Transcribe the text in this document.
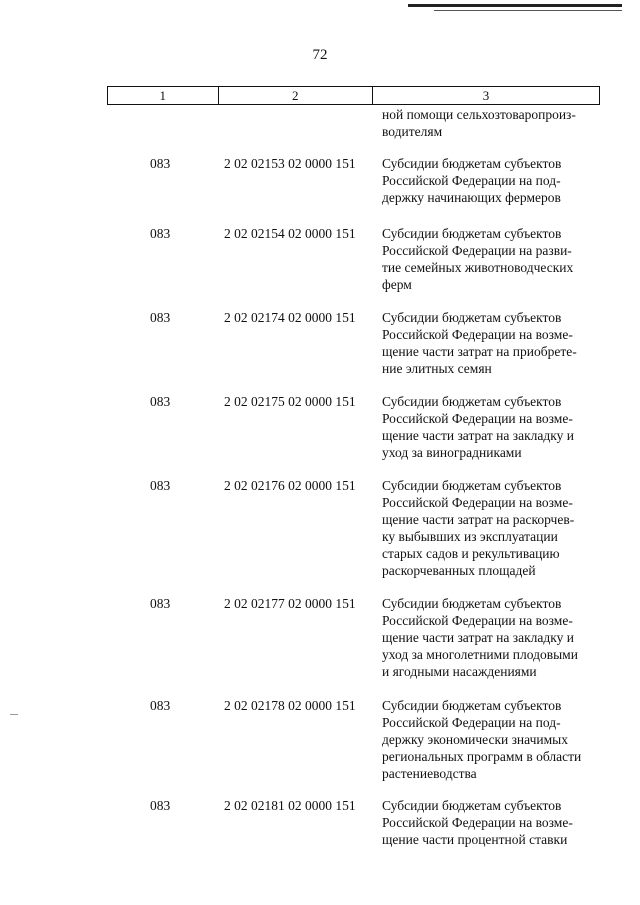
72
1	2	3
ной помощи сельхозтоваропроиз-
водителям
083	2 02 02153 02 0000 151 Субсидии бюджетам субъектов
Российской Федерации на под-
держку начинающих фермеров
083	2 02 02154 02 0000 151 Субсидии бюджетам субъектов
Российской Федерации на разви-
тие семейных животноводческих
ферм
083	2 02 02174 02 0000 151 Субсидии бюджетам субъектов
Российской Федерации на возме-
щение части затрат на приобрете-
ние элитных семян
083	2 02 02175 02 0000 151 Субсидии бюджетам субъектов
Российской Федерации на возме-
щение части затрат на закладку и
уход за виноградниками
083	2 02 02176 02 0000 151 Субсидии бюджетам субъектов
Российской Федерации на возме-
щение части затрат на раскорчев-
ку выбывших из эксплуатации
старых садов и рекультивацию
раскорчеванных площадей
083	2 02 02177 02 0000 151 Субсидии бюджетам субъектов
Российской Федерации на возме-
щение части затрат на закладку и
уход за многолетними плодовыми
и ягодными насаждениями
083	2 02 02178 02 0000 151 Субсидии бюджетам субъектов
Российской Федерации на под-
держку экономически значимых
региональных программ в области
растениеводства
083	2 02 02181 02 0000 151 Субсидии бюджетам субъектов
Российской Федерации на возме-
щение части процентной ставки
